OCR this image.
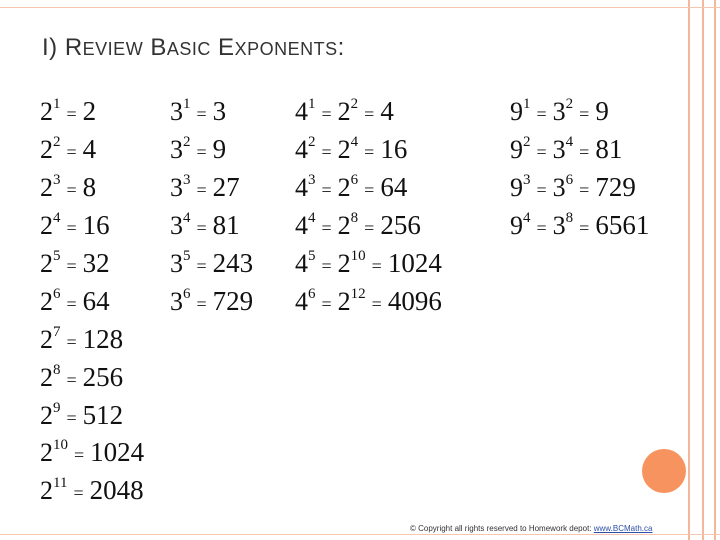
I) REVIEW BASIC EXPONENTS:
$2^1 = 2$
$2^2 = 4$
$2^3 = 8$
$2^4 = 16$
$2^5 = 32$
$2^6 = 64$
$2^7 = 128$
$2^8 = 256$
$2^9 = 512$
$2^{10} = 1024$
$2^{11} = 2048$
$3^1 = 3$
$3^2 = 9$
$3^3 = 27$
$3^4 = 81$
$3^5 = 243$
$3^6 = 729$
$4^1 = 2^2 = 4$
$4^2 = 2^4 = 16$
$4^3 = 2^6 = 64$
$4^4 = 2^8 = 256$
$4^5 = 2^{10} = 1024$
$4^6 = 2^{12} = 4096$
$9^1 = 3^2 = 9$
$9^2 = 3^4 = 81$
$9^3 = 3^6 = 729$
$9^4 = 3^8 = 6561$
© Copyright all rights reserved to Homework depot: www.BCMath.ca
